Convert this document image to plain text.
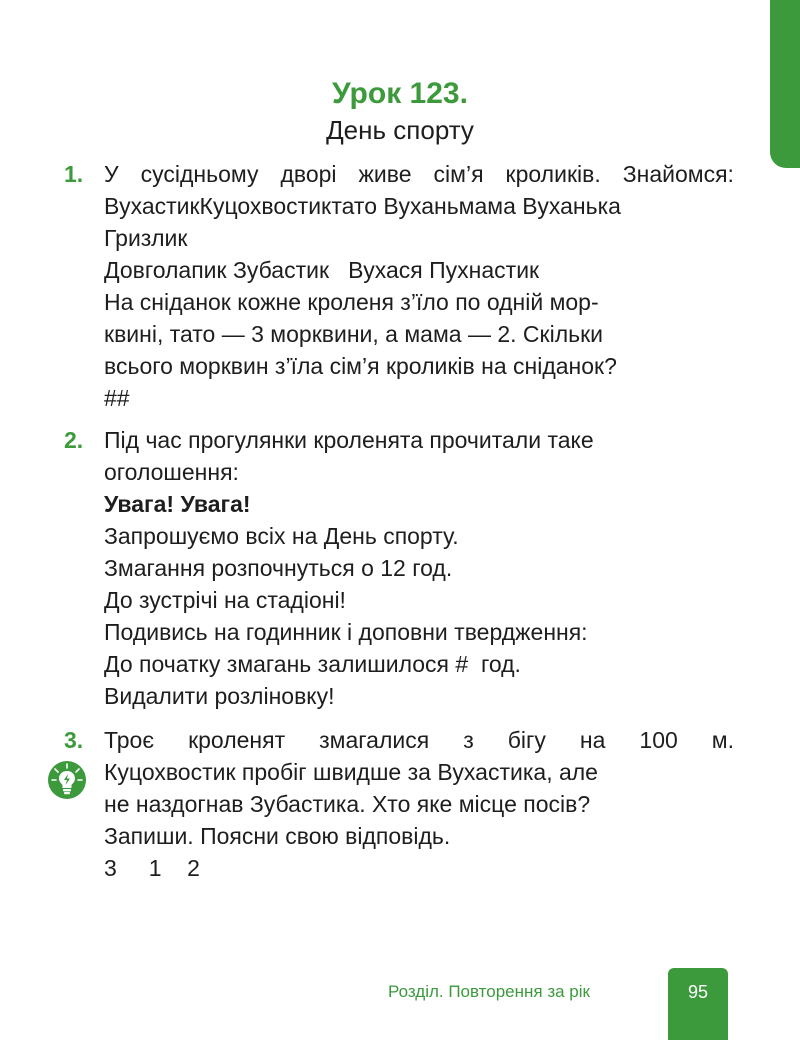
Урок 123.
День спорту
1. У сусідньому дворі живе сім’я кроликів. Знайомся:
ВухастикКуцохвостиктато Вуханьмама Вуханька
Гризлик
Довголапик Зубастик   Вухася Пухнастик
На сніданок кожне кроленя з’їло по одній мор-
квині, тато — 3 морквини, а мама — 2. Скільки
всього морквин з’їла сім’я кроликів на сніданок?
##
2. Під час прогулянки кроленята прочитали таке
оголошення:
Увага! Увага!
Запрошуємо всіх на День спорту.
Змагання розпочнуться о 12 год.
До зустрічі на стадіоні!
Подивись на годинник і доповни твердження:
До початку змагань залишилося #  год.
Видалити розліновку!
3. Троє кроленят змагалися з бігу на 100 м.
Куцохвостик пробіг швидше за Вухастика, але
не наздогнав Зубастика. Хто яке місце посів?
Запиши. Поясни свою відповідь.
3     1    2
Розділ. Повторення за рік	95
